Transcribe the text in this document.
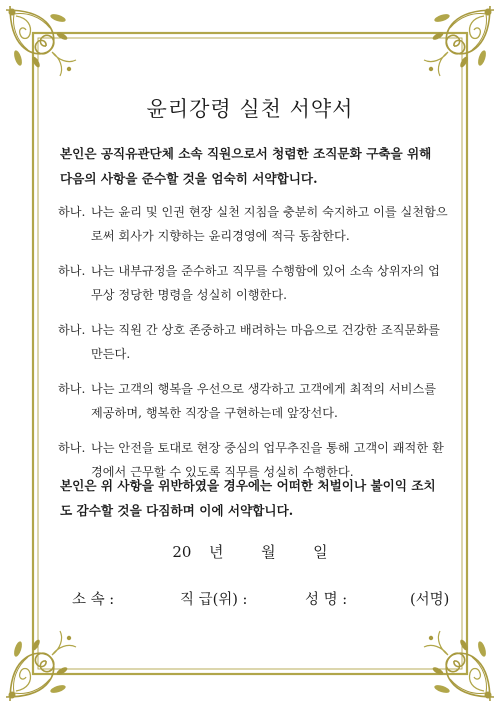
윤리강령 실천 서약서
본인은 공직유관단체 소속 직원으로서 청렴한 조직문화 구축을 위해 다음의 사항을 준수할 것을 엄숙히 서약합니다.
하나. 나는 윤리 및 인권 현장 실천 지침을 충분히 숙지하고 이를 실천함으로써 회사가 지향하는 윤리경영에 적극 동참한다.
하나. 나는 내부규정을 준수하고 직무를 수행함에 있어 소속 상위자의 업무상 정당한 명령을 성실히 이행한다.
하나. 나는 직원 간 상호 존중하고 배려하는 마음으로 건강한 조직문화를 만든다.
하나. 나는 고객의 행복을 우선으로 생각하고 고객에게 최적의 서비스를 제공하며, 행복한 직장을 구현하는데 앞장선다.
하나. 나는 안전을 토대로 현장 중심의 업무추진을 통해 고객이 쾌적한 환경에서 근무할 수 있도록 직무를 성실히 수행한다.
본인은 위 사항을 위반하였을 경우에는 어떠한 처벌이나 불이익 조치도 감수할 것을 다짐하며 이에 서약합니다.
20 년	월	일
소 속 :	직 급(위) :	성 명 :	(서명)
